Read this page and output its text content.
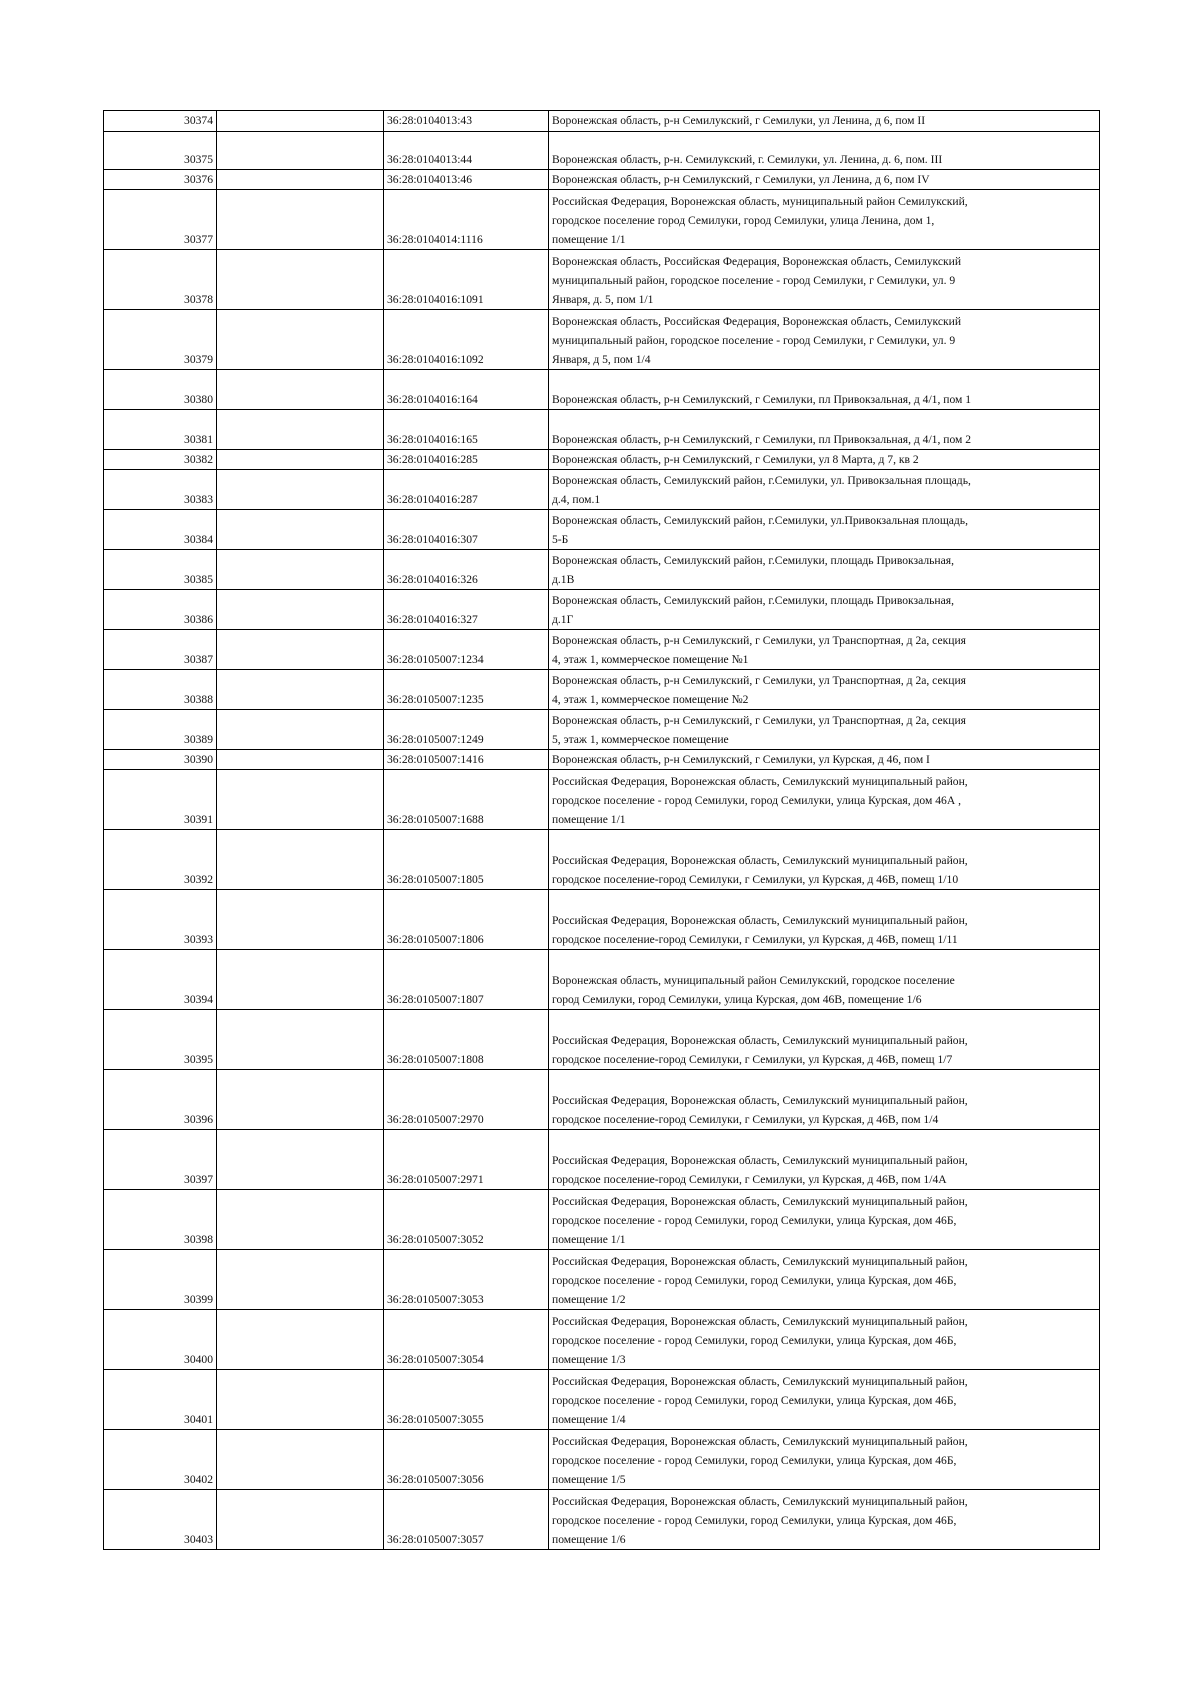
30374		36:28:0104013:43	Воронежская область, р-н Семилукский, г Семилуки, ул Ленина, д 6, пом II

30375		36:28:0104013:44	Воронежская область, р-н. Семилукский, г. Семилуки, ул. Ленина, д. 6, пом. III

30376		36:28:0104013:46	Воронежская область, р-н Семилукский, г Семилуки, ул Ленина, д 6, пом IV

30377		36:28:0104014:1116	Российская Федерация, Воронежская область, муниципальный район Семилукский,
городское поселение город Семилуки, город Семилуки, улица Ленина, дом 1,
помещение 1/1

30378		36:28:0104016:1091	Воронежская область, Российская Федерация, Воронежская область, Семилукский
муниципальный район, городское поселение - город Семилуки, г Семилуки, ул. 9
Января, д. 5, пом 1/1

30379		36:28:0104016:1092	Воронежская область, Российская Федерация, Воронежская область, Семилукский
муниципальный район, городское поселение - город Семилуки, г Семилуки, ул. 9
Января, д 5, пом 1/4

30380		36:28:0104016:164	Воронежская область, р-н Семилукский, г Семилуки, пл Привокзальная, д 4/1, пом 1

30381		36:28:0104016:165	Воронежская область, р-н Семилукский, г Семилуки, пл Привокзальная, д 4/1, пом 2

30382		36:28:0104016:285	Воронежская область, р-н Семилукский, г Семилуки, ул 8 Марта, д 7, кв 2

30383		36:28:0104016:287	Воронежская область, Семилукский район, г.Семилуки, ул. Привокзальная площадь,
д.4, пом.1

30384		36:28:0104016:307	Воронежская область, Семилукский район, г.Семилуки, ул.Привокзальная площадь,
5-Б

30385		36:28:0104016:326	Воронежская область, Семилукский район, г.Семилуки, площадь Привокзальная,
д.1В

30386		36:28:0104016:327	Воронежская область, Семилукский район, г.Семилуки, площадь Привокзальная,
д.1Г

30387		36:28:0105007:1234	Воронежская область, р-н Семилукский, г Семилуки, ул Транспортная, д 2а, секция
4, этаж 1, коммерческое помещение №1

30388		36:28:0105007:1235	Воронежская область, р-н Семилукский, г Семилуки, ул Транспортная, д 2а, секция
4, этаж 1, коммерческое помещение №2

30389		36:28:0105007:1249	Воронежская область, р-н Семилукский, г Семилуки, ул Транспортная, д 2а, секция
5, этаж 1, коммерческое помещение

30390		36:28:0105007:1416	Воронежская область, р-н Семилукский, г Семилуки, ул Курская, д 46, пом I

30391		36:28:0105007:1688	Российская Федерация, Воронежская область, Семилукский муниципальный район,
городское поселение - город Семилуки, город Семилуки, улица Курская, дом 46А ,
помещение 1/1

30392		36:28:0105007:1805	Российская Федерация, Воронежская область, Семилукский муниципальный район,
городское поселение-город Семилуки, г Семилуки, ул Курская, д 46В, помещ 1/10

30393		36:28:0105007:1806	Российская Федерация, Воронежская область, Семилукский муниципальный район,
городское поселение-город Семилуки, г Семилуки, ул Курская, д 46В, помещ 1/11

30394		36:28:0105007:1807	Воронежская область, муниципальный район Семилукский, городское поселение
город Семилуки, город Семилуки, улица Курская, дом 46В, помещение 1/6

30395		36:28:0105007:1808	Российская Федерация, Воронежская область, Семилукский муниципальный район,
городское поселение-город Семилуки, г Семилуки, ул Курская, д 46В, помещ 1/7

30396		36:28:0105007:2970	Российская Федерация, Воронежская область, Семилукский муниципальный район,
городское поселение-город Семилуки, г Семилуки, ул Курская, д 46В, пом 1/4

30397		36:28:0105007:2971	Российская Федерация, Воронежская область, Семилукский муниципальный район,
городское поселение-город Семилуки, г Семилуки, ул Курская, д 46В, пом 1/4А

30398		36:28:0105007:3052	Российская Федерация, Воронежская область, Семилукский муниципальный район,
городское поселение - город Семилуки, город Семилуки, улица Курская, дом 46Б,
помещение 1/1

30399		36:28:0105007:3053	Российская Федерация, Воронежская область, Семилукский муниципальный район,
городское поселение - город Семилуки, город Семилуки, улица Курская, дом 46Б,
помещение 1/2

30400		36:28:0105007:3054	Российская Федерация, Воронежская область, Семилукский муниципальный район,
городское поселение - город Семилуки, город Семилуки, улица Курская, дом 46Б,
помещение 1/3

30401		36:28:0105007:3055	Российская Федерация, Воронежская область, Семилукский муниципальный район,
городское поселение - город Семилуки, город Семилуки, улица Курская, дом 46Б,
помещение 1/4

30402		36:28:0105007:3056	Российская Федерация, Воронежская область, Семилукский муниципальный район,
городское поселение - город Семилуки, город Семилуки, улица Курская, дом 46Б,
помещение 1/5

30403		36:28:0105007:3057	Российская Федерация, Воронежская область, Семилукский муниципальный район,
городское поселение - город Семилуки, город Семилуки, улица Курская, дом 46Б,
помещение 1/6
